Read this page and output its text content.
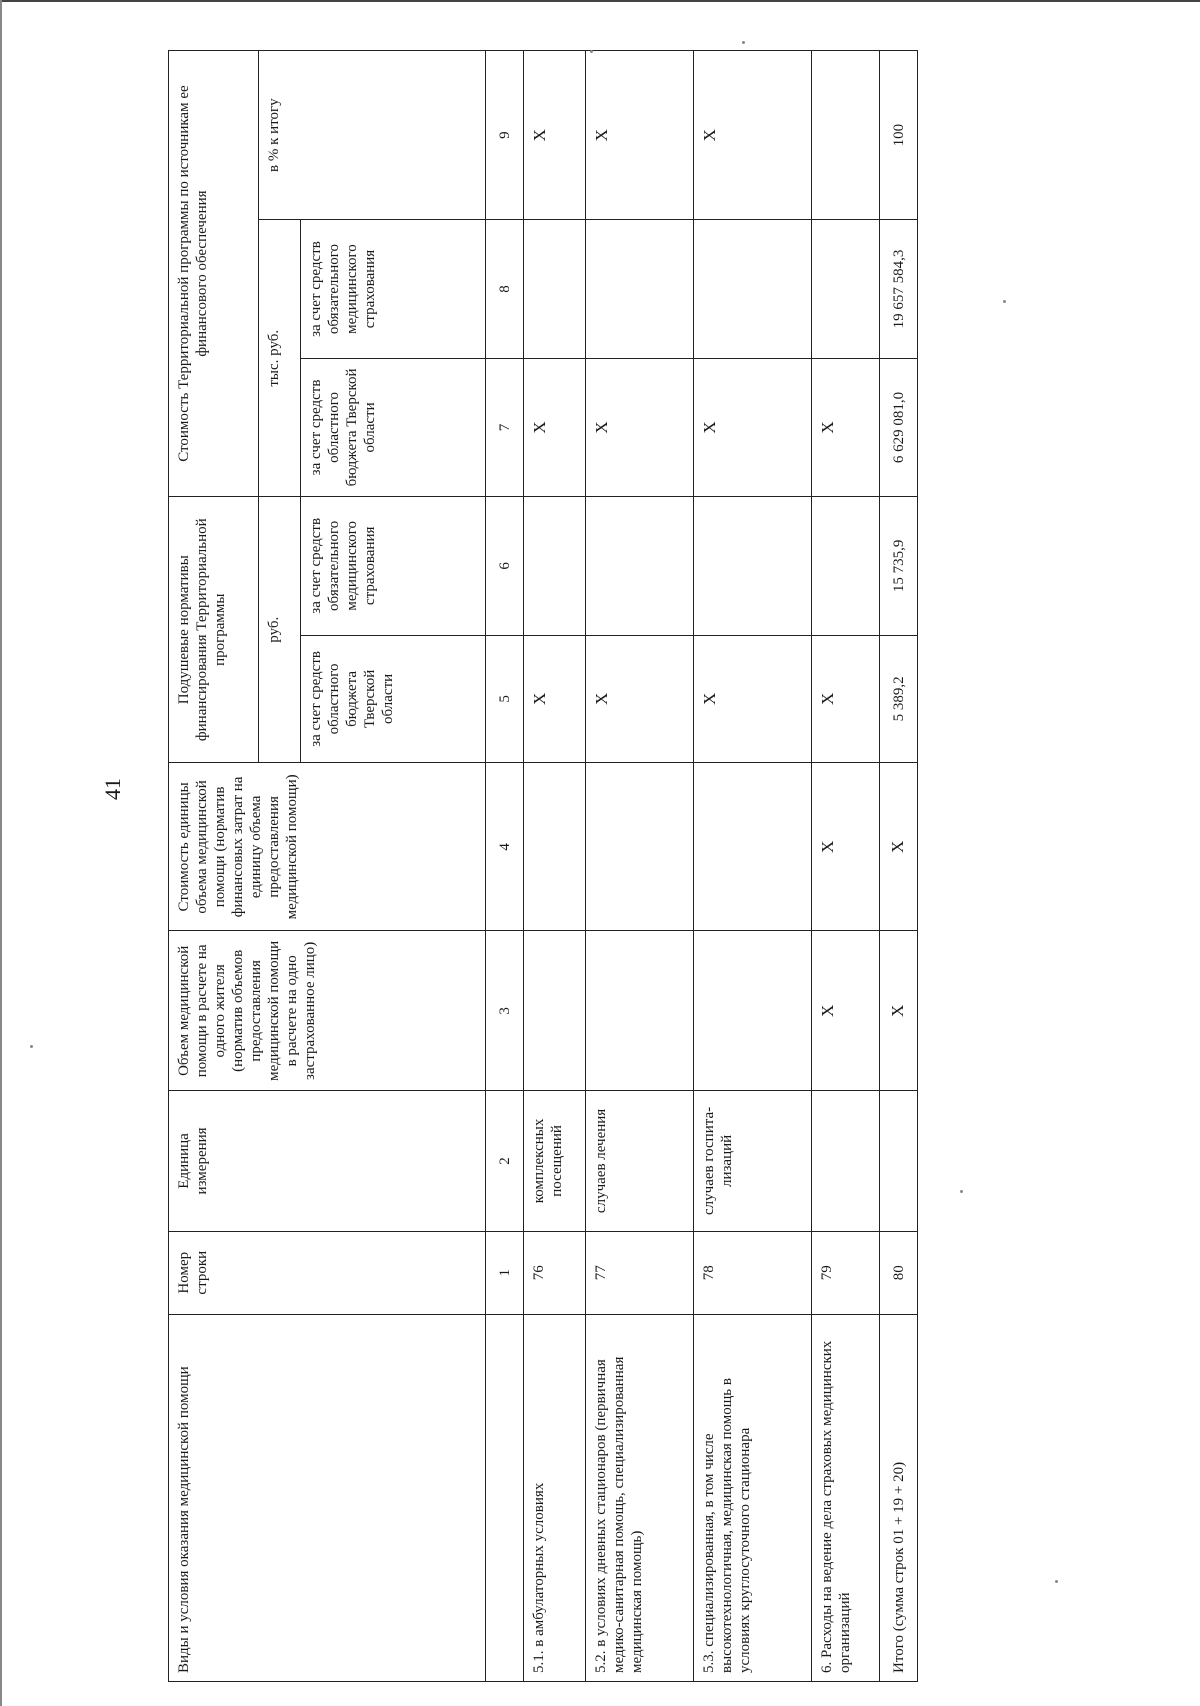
41
Виды и условия оказания медицинской помощи	Номер строки	Единица измерения	Объем медицинской помощи в расчете на одного жителя (норматив объемов предоставления медицинской помощи в расчете на одно застрахованное лицо)	Стоимость единицы объема медицинской помощи (норматив финансовых затрат на единицу объема предоставления медицинской помощи)	Подушевые нормативы финансирования Территориальной программы		Стоимость Территориальной программы по источникам ее финансового обеспечения		
					руб.		тыс. руб.		в % к итогу
					за счет средств областного бюджета Тверской области	за счет средств обязательного медицинского страхования	за счет средств областного бюджета Тверской области	за счет средств обязательного медицинского страхования	
	1	2	3	4	5	6	7	8	9
5.1. в амбулаторных условиях	76	комплексных посещений			X		X		X
5.2. в условиях дневных стационаров (первичная медико-санитарная помощь, специализированная медицинская помощь)	77	случаев лечения			X		X		X
5.3. специализированная, в том числе высокотехнологичная, медицинская помощь в условиях круглосуточного стационара	78	случаев госпита-лизаций			X		X		X
6. Расходы на ведение дела страховых медицинских организаций	79		X	X	X		X		
Итого (сумма строк 01 + 19 + 20)	80		X	X	5 389,2	15 735,9	6 629 081,0	19 657 584,3	100
